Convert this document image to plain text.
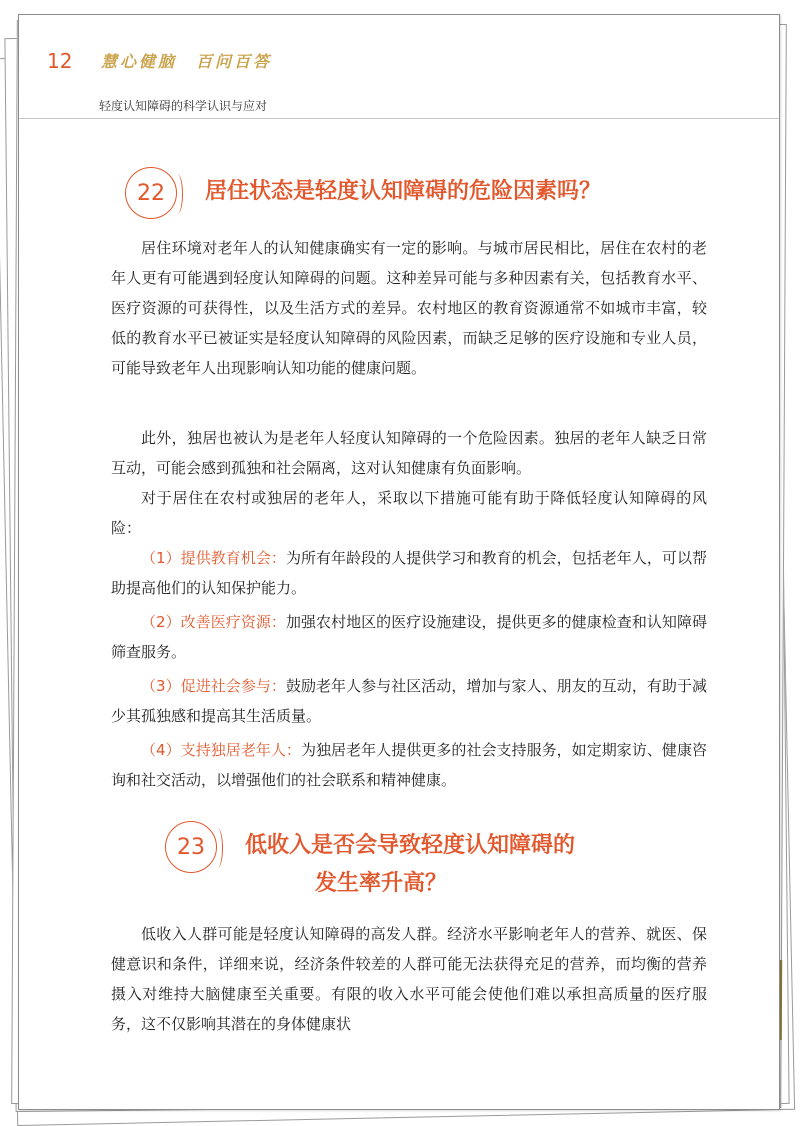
12 慧心健脑　百问百答
轻度认知障碍的科学认识与应对
22	居住状态是轻度认知障碍的危险因素吗？

居住环境对老年人的认知健康确实有一定的影响。与城市居民相比，居住在农村的老年人更有可能遇到轻度认知障碍的问题。这种差异可能与多种因素有关，包括教育水平、医疗资源的可获得性，以及生活方式的差异。农村地区的教育资源通常不如城市丰富，较低的教育水平已被证实是轻度认知障碍的风险因素，而缺乏足够的医疗设施和专业人员，可能导致老年人出现影响认知功能的健康问题。

此外，独居也被认为是老年人轻度认知障碍的一个危险因素。独居的老年人缺乏日常互动，可能会感到孤独和社会隔离，这对认知健康有负面影响。

对于居住在农村或独居的老年人，采取以下措施可能有助于降低轻度认知障碍的风险：

（1）提供教育机会：为所有年龄段的人提供学习和教育的机会，包括老年人，可以帮助提高他们的认知保护能力。

（2）改善医疗资源：加强农村地区的医疗设施建设，提供更多的健康检查和认知障碍筛查服务。

（3）促进社会参与：鼓励老年人参与社区活动，增加与家人、朋友的互动，有助于减少其孤独感和提高其生活质量。

（4）支持独居老年人：为独居老年人提供更多的社会支持服务，如定期家访、健康咨询和社交活动，以增强他们的社会联系和精神健康。

23	低收入是否会导致轻度认知障碍的
发生率升高？

低收入人群可能是轻度认知障碍的高发人群。经济水平影响老年人的营养、就医、保健意识和条件，详细来说，经济条件较差的人群可能无法获得充足的营养，而均衡的营养摄入对维持大脑健康至关重要。有限的收入水平可能会使他们难以承担高质量的医疗服务，这不仅影响其潜在的身体健康状
